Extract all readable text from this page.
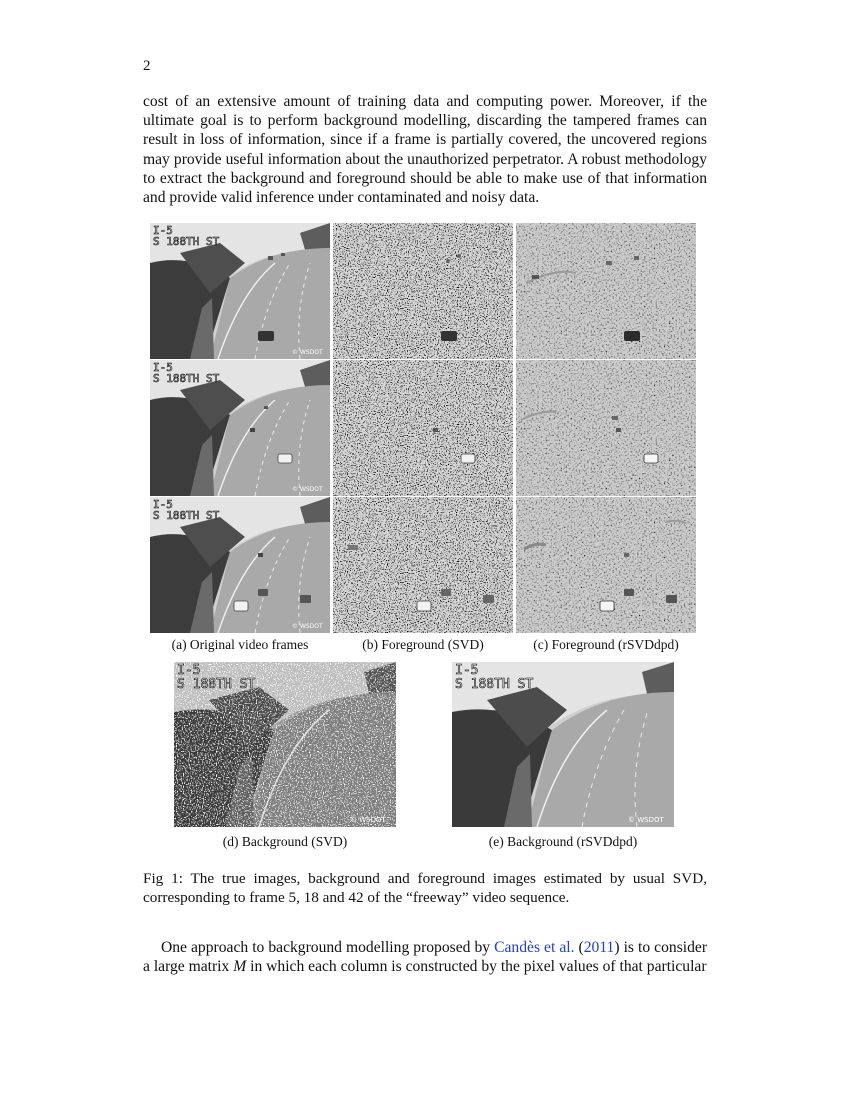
2

cost of an extensive amount of training data and computing power. Moreover, if the ultimate goal is to perform background modelling, discarding the tampered frames can result in loss of information, since if a frame is partially covered, the uncovered regions may provide useful information about the unauthorized perpetrator. A robust methodology to extract the background and foreground should be able to make use of that information and provide valid inference under contaminated and noisy data.

I-5
S 188TH ST
© WSDOT
I-5
S 188TH ST
© WSDOT
I-5
S 188TH ST
© WSDOT
(a) Original video frames	(b) Foreground (SVD)	(c) Foreground (rSVDdpd)
I-5
S 188TH ST
© WSDOT
I-5
S 188TH ST
© WSDOT
(d) Background (SVD)	(e) Background (rSVDdpd)

Fig 1: The true images, background and foreground images estimated by usual SVD, corresponding to frame 5, 18 and 42 of the “freeway” video sequence.

One approach to background modelling proposed by Candès et al. (2011) is to consider a large matrix M in which each column is constructed by the pixel values of that particular
